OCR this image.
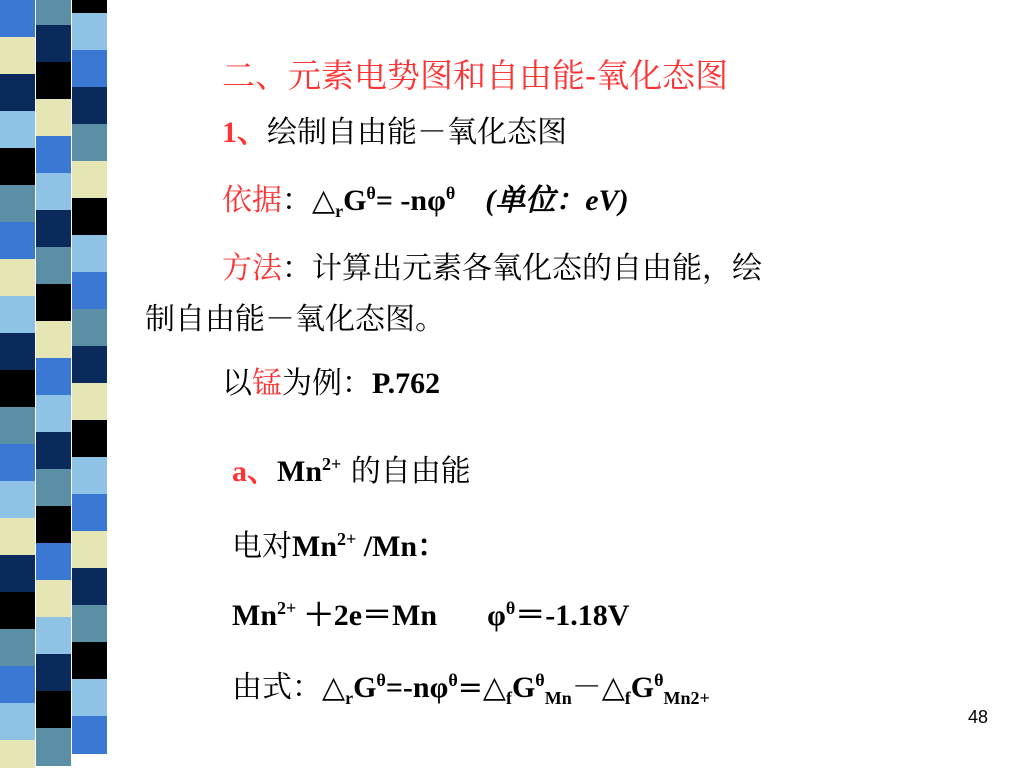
二、元素电势图和自由能-氧化态图
1、绘制自由能－氧化态图
依据：$\triangle_rG^\theta= -n\varphi^\theta$ (单位：eV)
方法：计算出元素各氧化态的自由能，绘
制自由能－氧化态图。
以锰为例：P.762
a、$Mn^{2+}$ 的自由能
电对$Mn^{2+}$ /Mn：
$Mn^{2+} +2e=Mn$ $\varphi^\theta=-1.18V$
由式：$\triangle_rG^\theta=-n\varphi^\theta=\triangle_fG^\theta_{Mn}-\triangle_fG^\theta_{Mn2+}$
48
